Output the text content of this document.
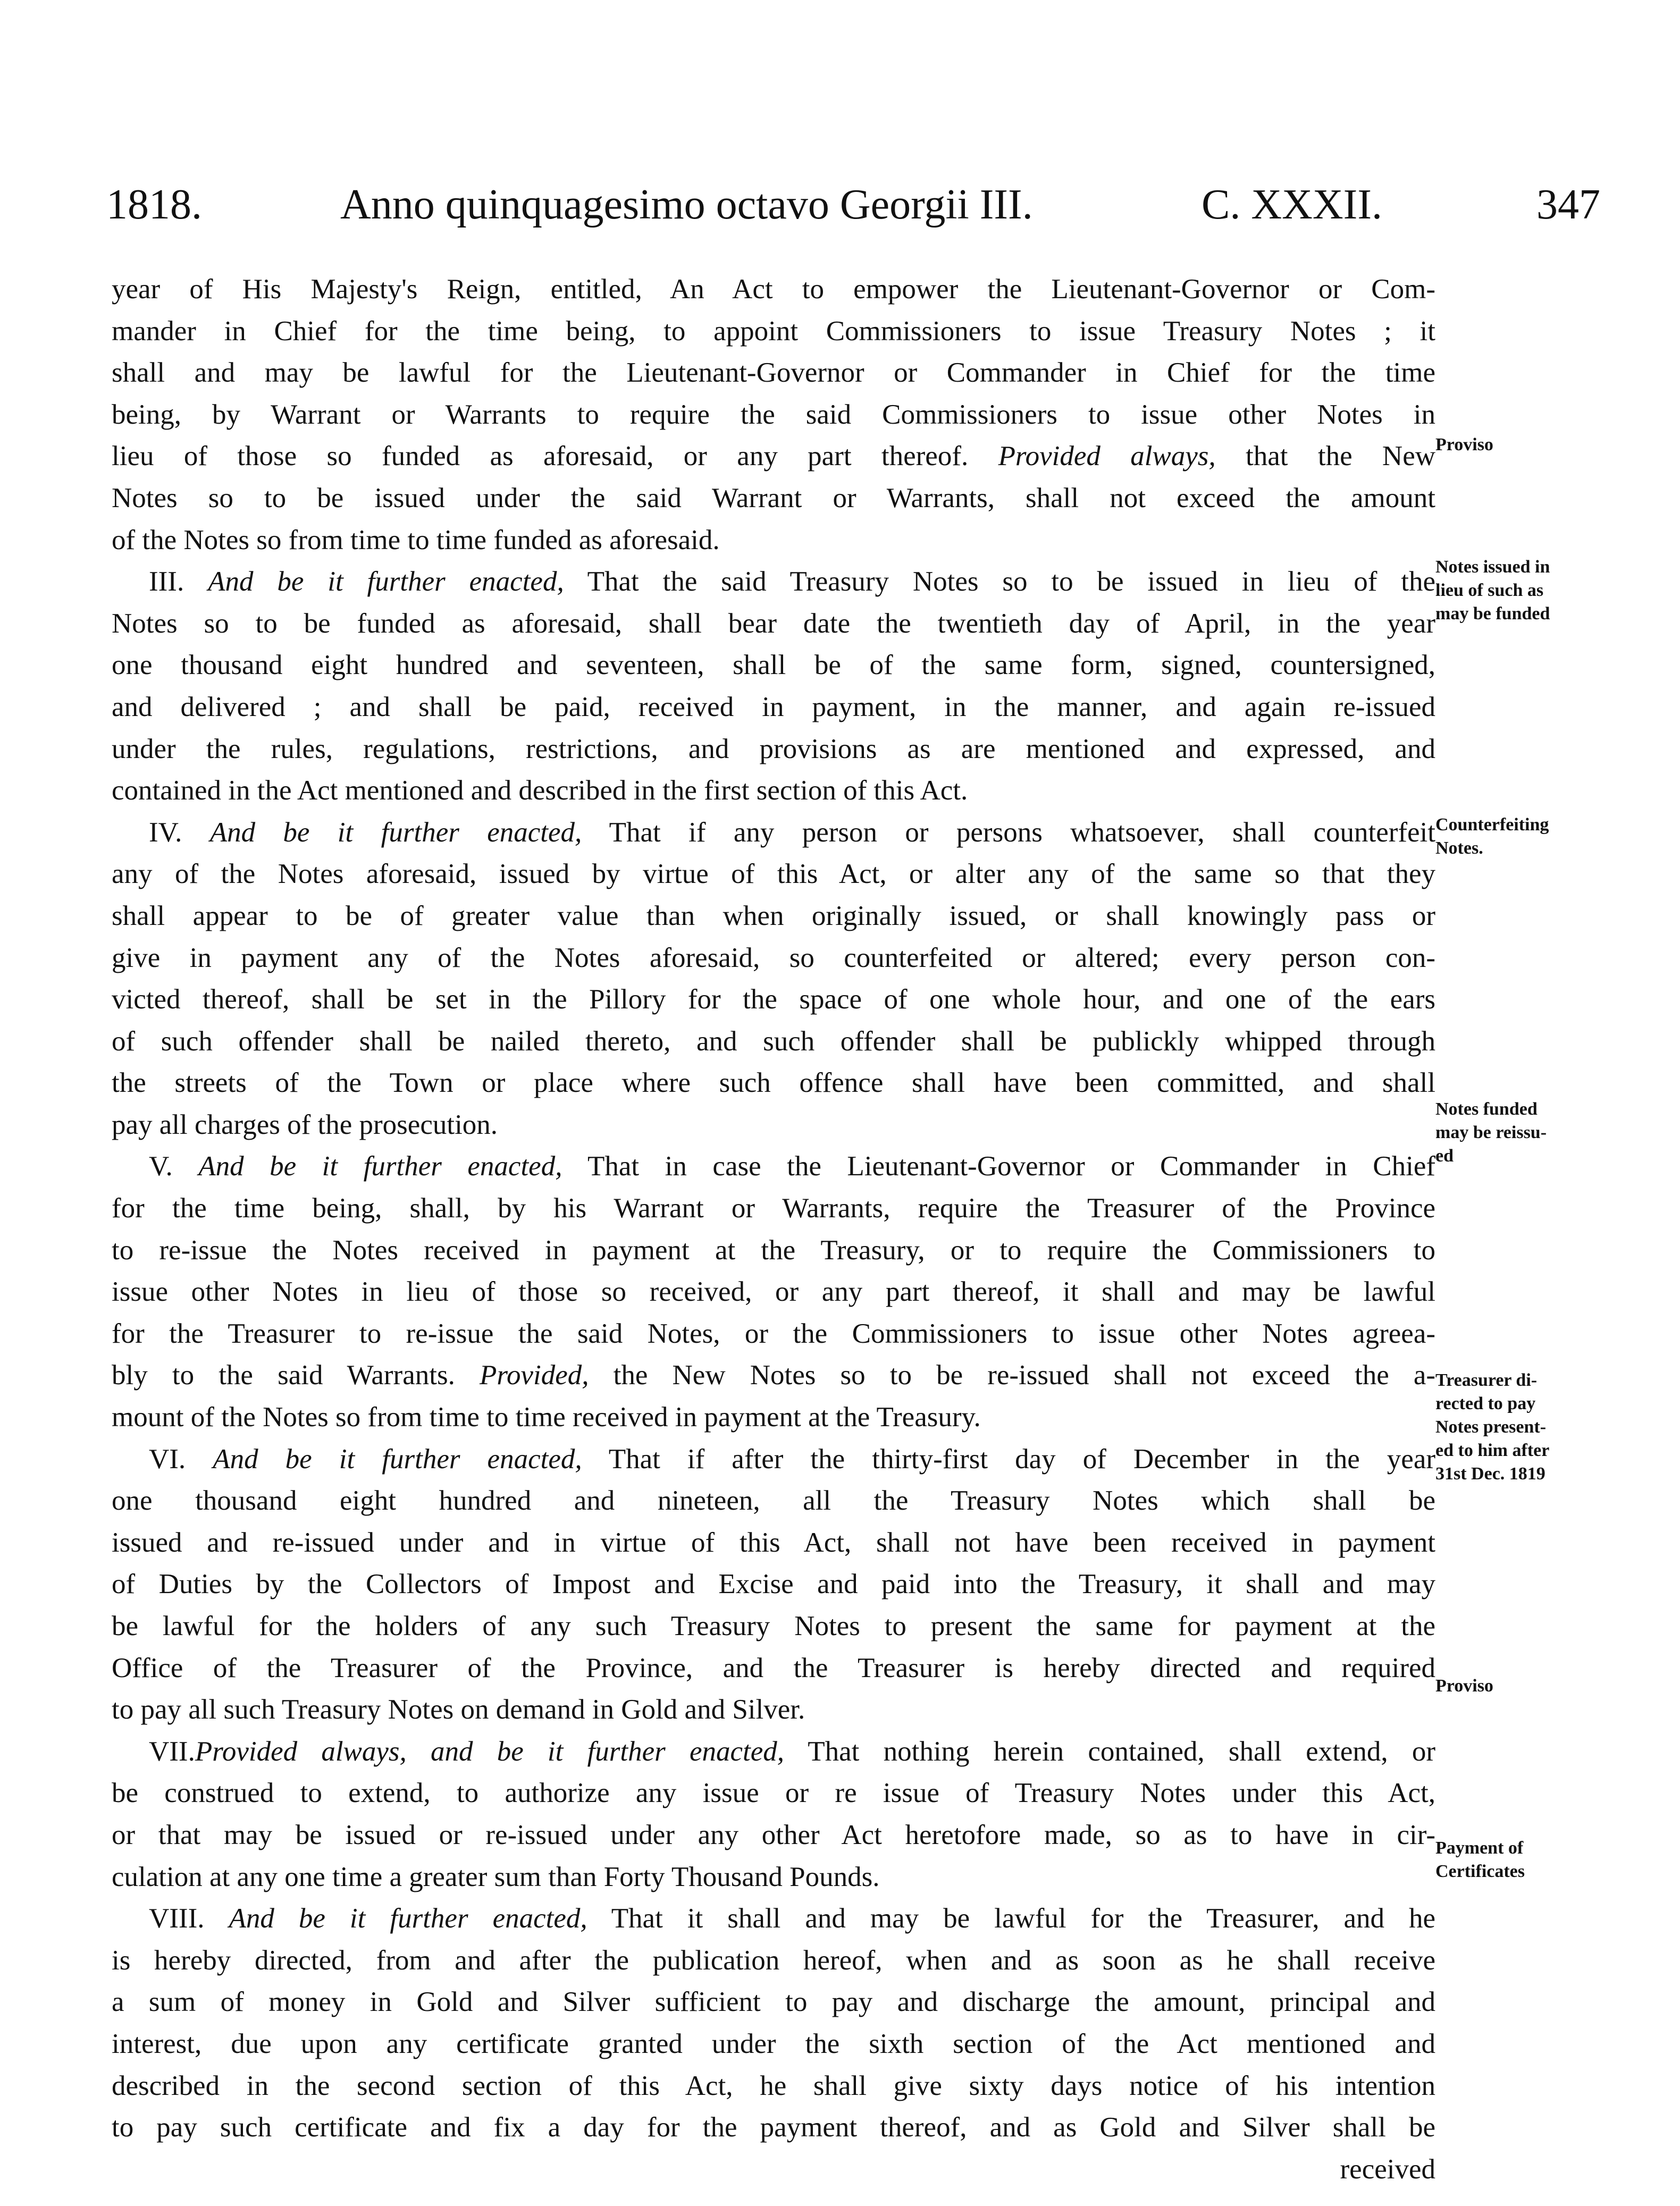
1818.	Anno quinquagesimo octavo Georgii III.	C. XXXII.	347
year of His Majesty's Reign, entitled, An Act to empower the Lieutenant-Governor or Com-
mander in Chief for the time being, to appoint Commissioners to issue Treasury Notes ; it
shall and may be lawful for the Lieutenant-Governor or Commander in Chief for the time
being, by Warrant or Warrants to require the said Commissioners to issue other Notes in
lieu of those so funded as aforesaid, or any part thereof. Provided always, that the New
Notes so to be issued under the said Warrant or Warrants, shall not exceed the amount
of the Notes so from time to time funded as aforesaid.
III. And be it further enacted, That the said Treasury Notes so to be issued in lieu of the
Notes so to be funded as aforesaid, shall bear date the twentieth day of April, in the year
one thousand eight hundred and seventeen, shall be of the same form, signed, countersigned,
and delivered ; and shall be paid, received in payment, in the manner, and again re-issued
under the rules, regulations, restrictions, and provisions as are mentioned and expressed, and
contained in the Act mentioned and described in the first section of this Act.
IV. And be it further enacted, That if any person or persons whatsoever, shall counterfeit
any of the Notes aforesaid, issued by virtue of this Act, or alter any of the same so that they
shall appear to be of greater value than when originally issued, or shall knowingly pass or
give in payment any of the Notes aforesaid, so counterfeited or altered; every person con-
victed thereof, shall be set in the Pillory for the space of one whole hour, and one of the ears
of such offender shall be nailed thereto, and such offender shall be publickly whipped through
the streets of the Town or place where such offence shall have been committed, and shall
pay all charges of the prosecution.
V. And be it further enacted, That in case the Lieutenant-Governor or Commander in Chief
for the time being, shall, by his Warrant or Warrants, require the Treasurer of the Province
to re-issue the Notes received in payment at the Treasury, or to require the Commissioners to
issue other Notes in lieu of those so received, or any part thereof, it shall and may be lawful
for the Treasurer to re-issue the said Notes, or the Commissioners to issue other Notes agreea-
bly to the said Warrants. Provided, the New Notes so to be re-issued shall not exceed the a-
mount of the Notes so from time to time received in payment at the Treasury.
VI. And be it further enacted, That if after the thirty-first day of December in the year
one thousand eight hundred and nineteen, all the Treasury Notes which shall be
issued and re-issued under and in virtue of this Act, shall not have been received in payment
of Duties by the Collectors of Impost and Excise and paid into the Treasury, it shall and may
be lawful for the holders of any such Treasury Notes to present the same for payment at the
Office of the Treasurer of the Province, and the Treasurer is hereby directed and required
to pay all such Treasury Notes on demand in Gold and Silver.
VII.Provided always, and be it further enacted, That nothing herein contained, shall extend, or
be construed to extend, to authorize any issue or re issue of Treasury Notes under this Act,
or that may be issued or re-issued under any other Act heretofore made, so as to have in cir-
culation at any one time a greater sum than Forty Thousand Pounds.
VIII. And be it further enacted, That it shall and may be lawful for the Treasurer, and he
is hereby directed, from and after the publication hereof, when and as soon as he shall receive
a sum of money in Gold and Silver sufficient to pay and discharge the amount, principal and
interest, due upon any certificate granted under the sixth section of the Act mentioned and
described in the second section of this Act, he shall give sixty days notice of his intention
to pay such certificate and fix a day for the payment thereof, and as Gold and Silver shall be
received
Proviso
Notes issued in
lieu of such as
may be funded
Counterfeiting
Notes.
Notes funded
may be reissu-
ed
Treasurer di-
rected to pay
Notes present-
ed to him after
31st Dec. 1819
Proviso
Payment of
Certificates
